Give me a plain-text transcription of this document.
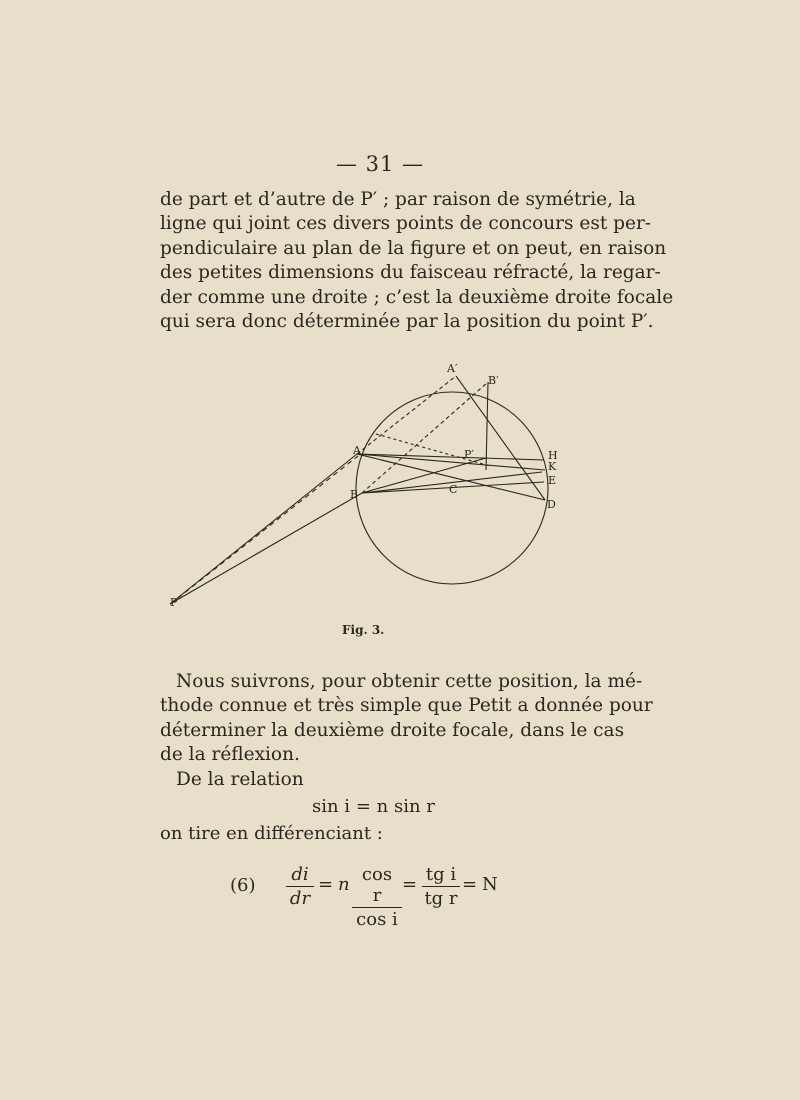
— 31 —
de part et d’autre de P′ ; par raison de symétrie, la
ligne qui joint ces divers points de concours est per-
pendiculaire au plan de la figure et on peut, en raison
des petites dimensions du faisceau réfracté, la regar-
der comme une droite ; c’est la deuxième droite focale
qui sera donc déterminée par la position du point P′.
A′
B′
A	P′	H
K
E
B	C
D
P
Fig. 3.
Nous suivrons, pour obtenir cette position, la mé-
thode connue et très simple que Petit a donnée pour
déterminer la deuxième droite focale, dans le cas
de la réflexion.
De la relation
sin i = n sin r
on tire en différenciant :
$(6) \frac{di}{dr} = n \frac{\text{cos r}}{\text{cos i}} = \frac{\text{tg i}}{\text{tg r}} = N$
